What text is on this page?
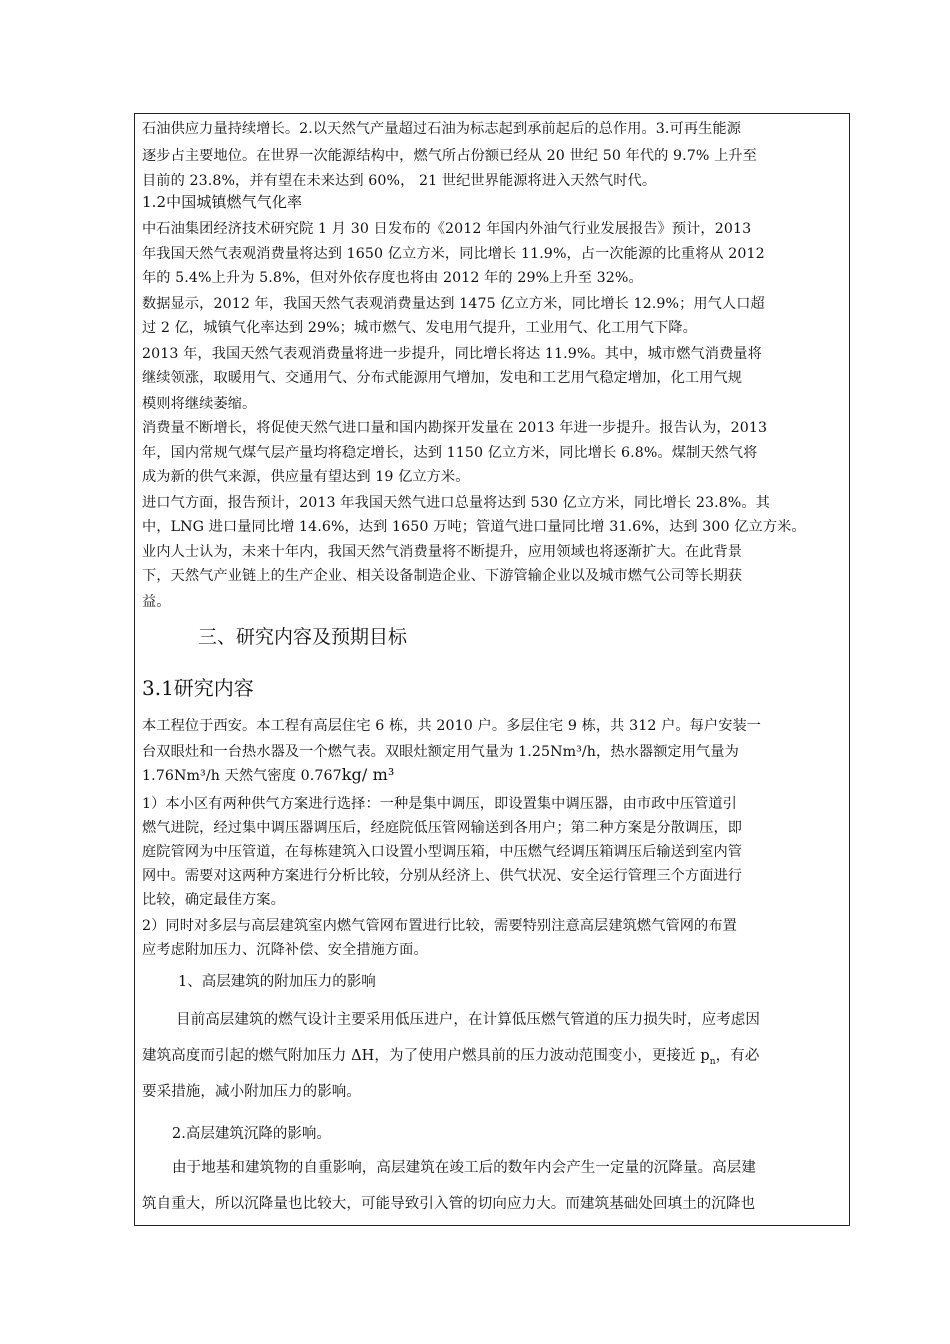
石油供应力量持续增长。2.以天然气产量超过石油为标志起到承前起后的总作用。3.可再生能源
逐步占主要地位。在世界一次能源结构中，燃气所占份额已经从 20 世纪 50 年代的 9.7% 上升至
目前的 23.8%，并有望在未来达到 60%， 21 世纪世界能源将进入天然气时代。
1.2中国城镇燃气气化率
中石油集团经济技术研究院 1 月 30 日发布的《2012 年国内外油气行业发展报告》预计，2013
年我国天然气表观消费量将达到 1650 亿立方米，同比增长 11.9%，占一次能源的比重将从 2012
年的 5.4%上升为 5.8%，但对外依存度也将由 2012 年的 29%上升至 32%。
数据显示，2012 年，我国天然气表观消费量达到 1475 亿立方米，同比增长 12.9%；用气人口超
过 2 亿，城镇气化率达到 29%；城市燃气、发电用气提升，工业用气、化工用气下降。
2013 年，我国天然气表观消费量将进一步提升，同比增长将达 11.9%。其中，城市燃气消费量将
继续领涨，取暖用气、交通用气、分布式能源用气增加，发电和工艺用气稳定增加，化工用气规
模则将继续萎缩。
消费量不断增长，将促使天然气进口量和国内勘探开发量在 2013 年进一步提升。报告认为，2013
年，国内常规气煤气层产量均将稳定增长，达到 1150 亿立方米，同比增长 6.8%。煤制天然气将
成为新的供气来源，供应量有望达到 19 亿立方米。
进口气方面，报告预计，2013 年我国天然气进口总量将达到 530 亿立方米，同比增长 23.8%。其
中，LNG 进口量同比增 14.6%，达到 1650 万吨；管道气进口量同比增 31.6%，达到 300 亿立方米。
业内人士认为，未来十年内，我国天然气消费量将不断提升，应用领域也将逐渐扩大。在此背景
下，天然气产业链上的生产企业、相关设备制造企业、下游管输企业以及城市燃气公司等长期获
益。
三、研究内容及预期目标
3.1研究内容
本工程位于西安。本工程有高层住宅 6 栋，共 2010 户。多层住宅 9 栋，共 312 户。每户安装一
台双眼灶和一台热水器及一个燃气表。双眼灶额定用气量为 1.25Nm³/h，热水器额定用气量为
1.76Nm³/h 天然气密度 0.767kg/ m³
1）本小区有两种供气方案进行选择：一种是集中调压，即设置集中调压器，由市政中压管道引
燃气进院，经过集中调压器调压后，经庭院低压管网输送到各用户；第二种方案是分散调压，即
庭院管网为中压管道，在每栋建筑入口设置小型调压箱，中压燃气经调压箱调压后输送到室内管
网中。需要对这两种方案进行分析比较，分别从经济上、供气状况、安全运行管理三个方面进行
比较，确定最佳方案。
2）同时对多层与高层建筑室内燃气管网布置进行比较，需要特别注意高层建筑燃气管网的布置
应考虑附加压力、沉降补偿、安全措施方面。
1、高层建筑的附加压力的影响
目前高层建筑的燃气设计主要采用低压进户，在计算低压燃气管道的压力损失时，应考虑因
建筑高度而引起的燃气附加压力 ΔH，为了使用户燃具前的压力波动范围变小，更接近 $p_n$，有必
要采措施，减小附加压力的影响。
2.高层建筑沉降的影响。
由于地基和建筑物的自重影响，高层建筑在竣工后的数年内会产生一定量的沉降量。高层建
筑自重大，所以沉降量也比较大，可能导致引入管的切向应力大。而建筑基础处回填土的沉降也
